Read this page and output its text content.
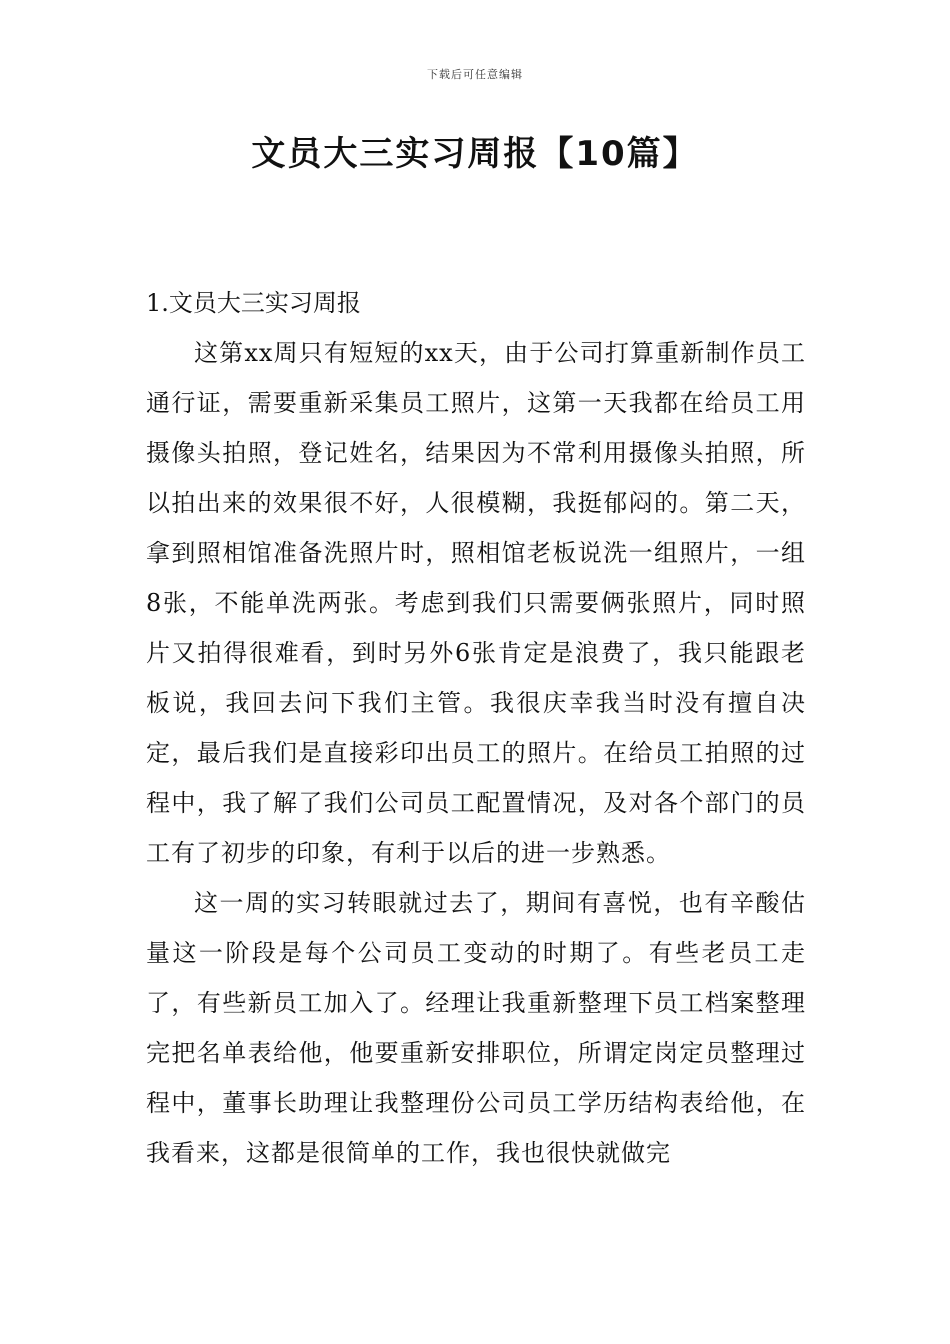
下载后可任意编辑
文员大三实习周报【10篇】

1.文员大三实习周报

这第xx周只有短短的xx天，由于公司打算重新制作员工通行证，需要重新采集员工照片，这第一天我都在给员工用摄像头拍照，登记姓名，结果因为不常利用摄像头拍照，所以拍出来的效果很不好，人很模糊，我挺郁闷的。第二天，拿到照相馆准备洗照片时，照相馆老板说洗一组照片，一组8张，不能单洗两张。考虑到我们只需要俩张照片，同时照片又拍得很难看，到时另外6张肯定是浪费了，我只能跟老板说，我回去问下我们主管。我很庆幸我当时没有擅自决定，最后我们是直接彩印出员工的照片。在给员工拍照的过程中，我了解了我们公司员工配置情况，及对各个部门的员工有了初步的印象，有利于以后的进一步熟悉。

这一周的实习转眼就过去了，期间有喜悦，也有辛酸估量这一阶段是每个公司员工变动的时期了。有些老员工走了，有些新员工加入了。经理让我重新整理下员工档案整理完把名单表给他，他要重新安排职位，所谓定岗定员整理过程中，董事长助理让我整理份公司员工学历结构表给他，在我看来，这都是很简单的工作，我也很快就做完
